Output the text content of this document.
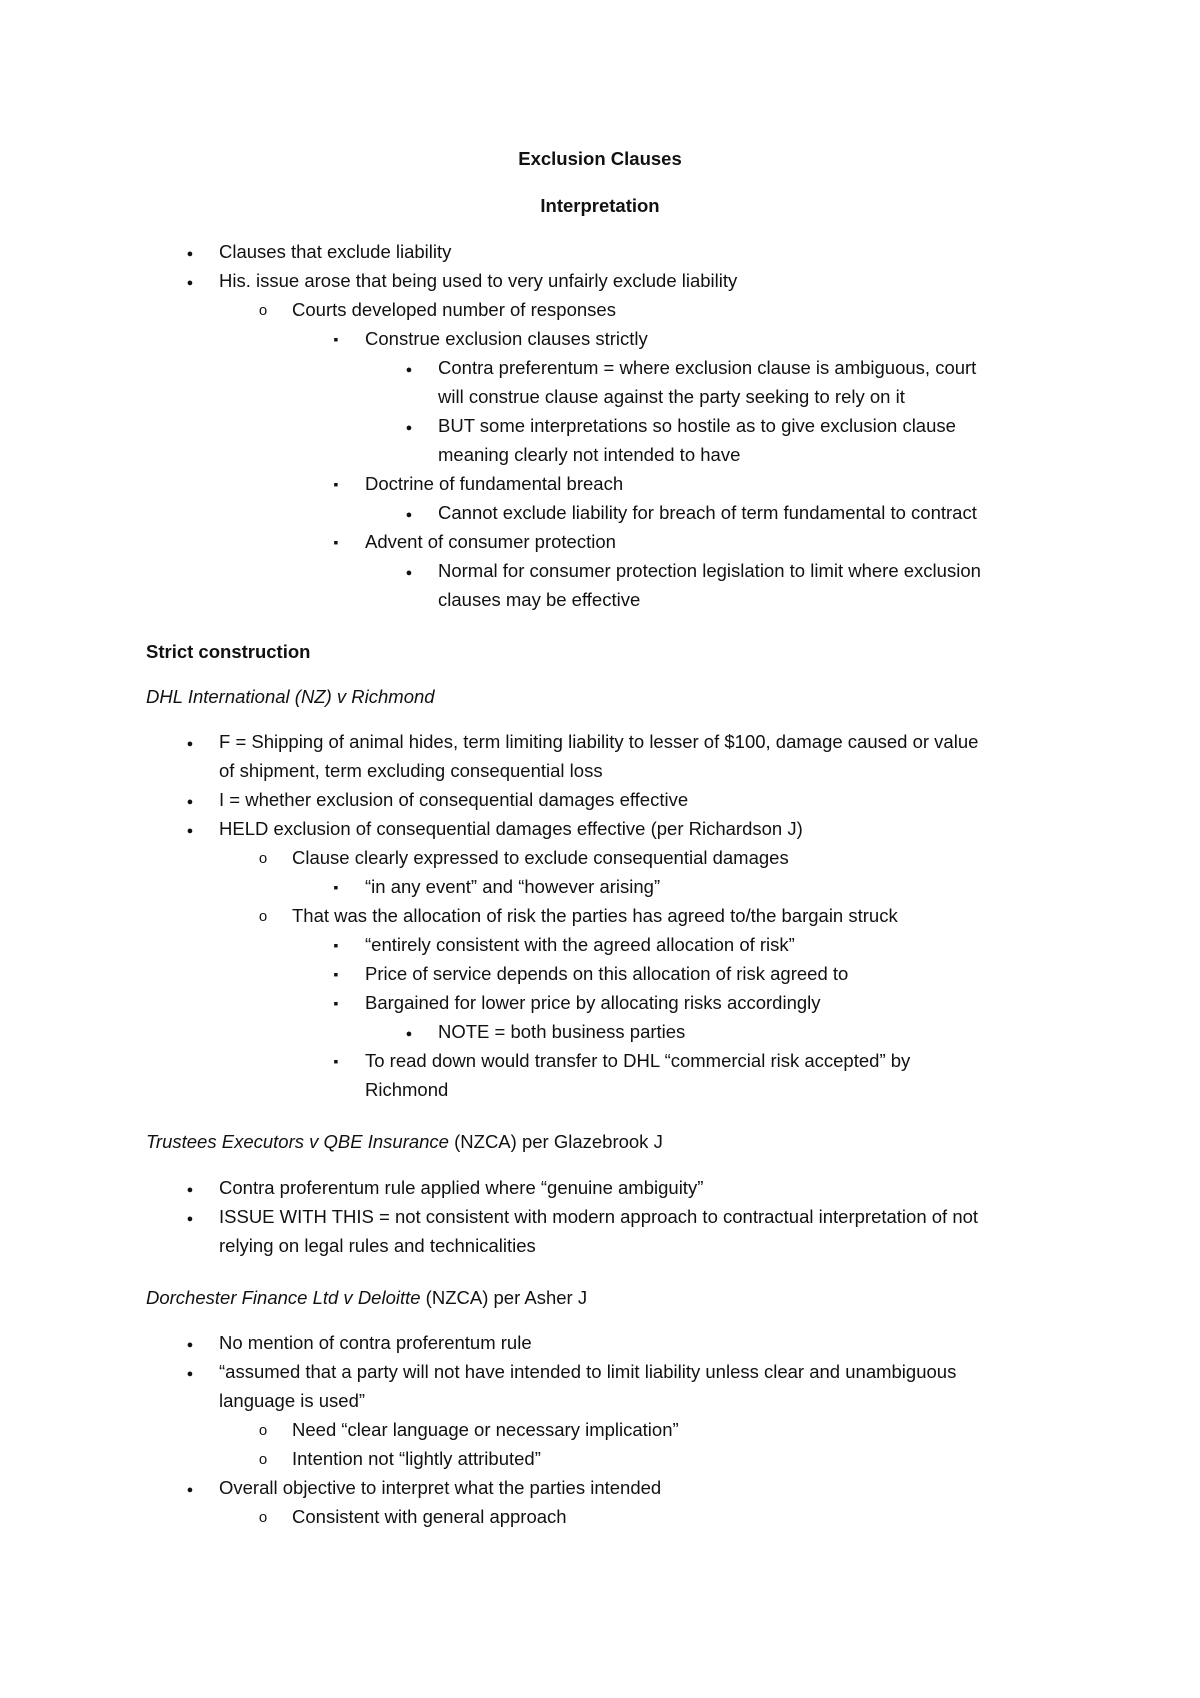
Exclusion Clauses
Interpretation
●
Clauses that exclude liability
●
His. issue arose that being used to very unfairly exclude liability
o
Courts developed number of responses
▪
Construe exclusion clauses strictly
●
Contra preferentum = where exclusion clause is ambiguous, court
will construe clause against the party seeking to rely on it
●
BUT some interpretations so hostile as to give exclusion clause
meaning clearly not intended to have
▪
Doctrine of fundamental breach
●
Cannot exclude liability for breach of term fundamental to contract
▪
Advent of consumer protection
●
Normal for consumer protection legislation to limit where exclusion
clauses may be effective
Strict construction
DHL International (NZ) v Richmond
●
F = Shipping of animal hides, term limiting liability to lesser of $100, damage caused or value
of shipment, term excluding consequential loss
●
I = whether exclusion of consequential damages effective
●
HELD exclusion of consequential damages effective (per Richardson J)
o
Clause clearly expressed to exclude consequential damages
▪
“in any event” and “however arising”
o
That was the allocation of risk the parties has agreed to/the bargain struck
▪
“entirely consistent with the agreed allocation of risk”
▪
Price of service depends on this allocation of risk agreed to
▪
Bargained for lower price by allocating risks accordingly
●
NOTE = both business parties
▪
To read down would transfer to DHL “commercial risk accepted” by
Richmond
Trustees Executors v QBE Insurance (NZCA) per Glazebrook J
●
Contra proferentum rule applied where “genuine ambiguity”
●
ISSUE WITH THIS = not consistent with modern approach to contractual interpretation of not
relying on legal rules and technicalities
Dorchester Finance Ltd v Deloitte (NZCA) per Asher J
●
No mention of contra proferentum rule
●
“assumed that a party will not have intended to limit liability unless clear and unambiguous
language is used”
o
Need “clear language or necessary implication”
o
Intention not “lightly attributed”
●
Overall objective to interpret what the parties intended
o
Consistent with general approach
